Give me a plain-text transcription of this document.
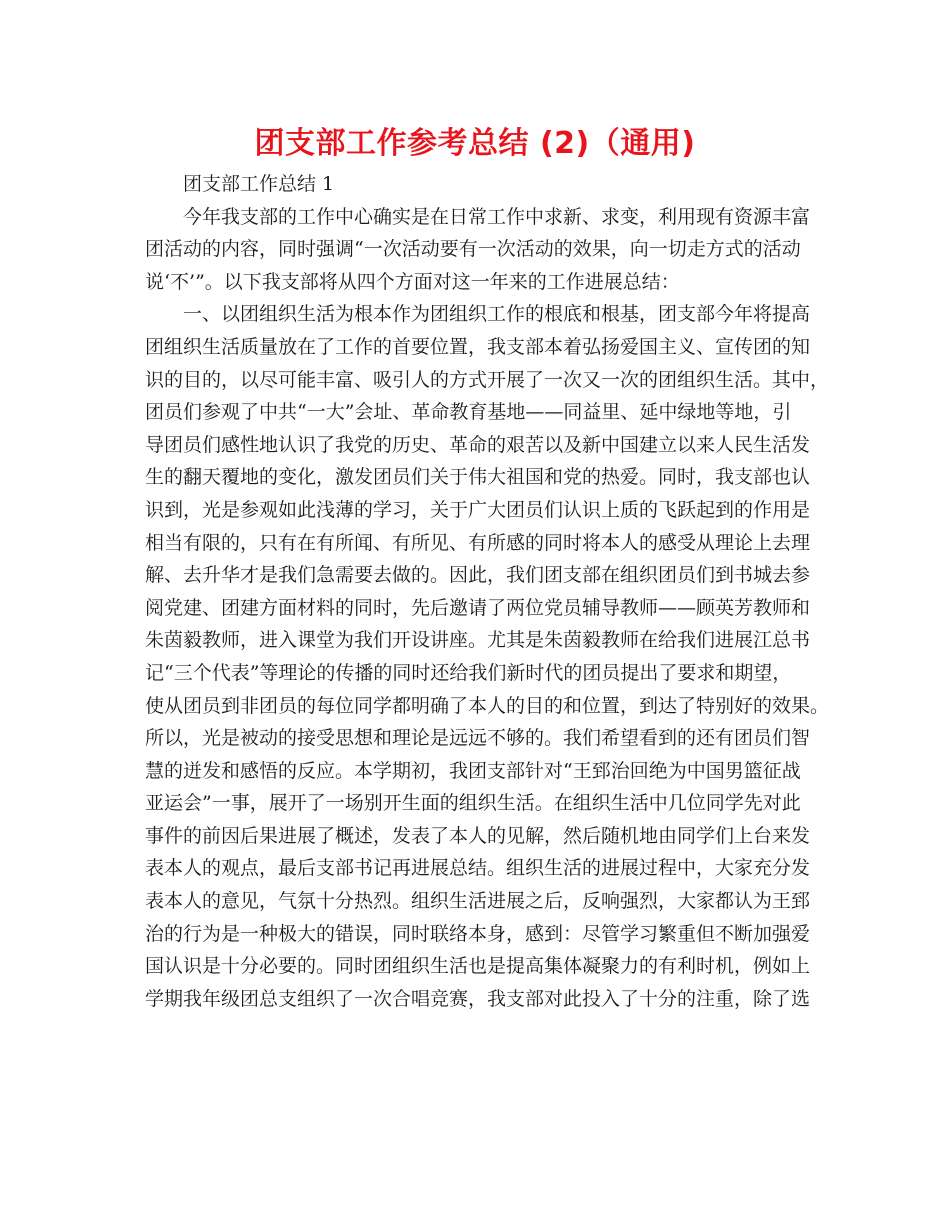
团支部工作参考总结 (2)（通用)
团支部工作总结 1
今年我支部的工作中心确实是在日常工作中求新、求变，利用现有资源丰富
团活动的内容，同时强调“一次活动要有一次活动的效果，向一切走方式的活动
说‘不’”。以下我支部将从四个方面对这一年来的工作进展总结：
一、以团组织生活为根本作为团组织工作的根底和根基，团支部今年将提高
团组织生活质量放在了工作的首要位置，我支部本着弘扬爱国主义、宣传团的知
识的目的，以尽可能丰富、吸引人的方式开展了一次又一次的团组织生活。其中，
团员们参观了中共“一大”会址、革命教育基地——同益里、延中绿地等地，引
导团员们感性地认识了我党的历史、革命的艰苦以及新中国建立以来人民生活发
生的翻天覆地的变化，激发团员们关于伟大祖国和党的热爱。同时，我支部也认
识到，光是参观如此浅薄的学习，关于广大团员们认识上质的飞跃起到的作用是
相当有限的，只有在有所闻、有所见、有所感的同时将本人的感受从理论上去理
解、去升华才是我们急需要去做的。因此，我们团支部在组织团员们到书城去参
阅党建、团建方面材料的同时，先后邀请了两位党员辅导教师——顾英芳教师和
朱茵毅教师，进入课堂为我们开设讲座。尤其是朱茵毅教师在给我们进展江总书
记“三个代表”等理论的传播的同时还给我们新时代的团员提出了要求和期望，
使从团员到非团员的每位同学都明确了本人的目的和位置，到达了特别好的效果。
所以，光是被动的接受思想和理论是远远不够的。我们希望看到的还有团员们智
慧的迸发和感悟的反应。本学期初，我团支部针对“王郅治回绝为中国男篮征战
亚运会”一事，展开了一场别开生面的组织生活。在组织生活中几位同学先对此
事件的前因后果进展了概述，发表了本人的见解，然后随机地由同学们上台来发
表本人的观点，最后支部书记再进展总结。组织生活的进展过程中，大家充分发
表本人的意见，气氛十分热烈。组织生活进展之后，反响强烈，大家都认为王郅
治的行为是一种极大的错误，同时联络本身，感到：尽管学习繁重但不断加强爱
国认识是十分必要的。同时团组织生活也是提高集体凝聚力的有利时机，例如上
学期我年级团总支组织了一次合唱竞赛，我支部对此投入了十分的注重，除了选
